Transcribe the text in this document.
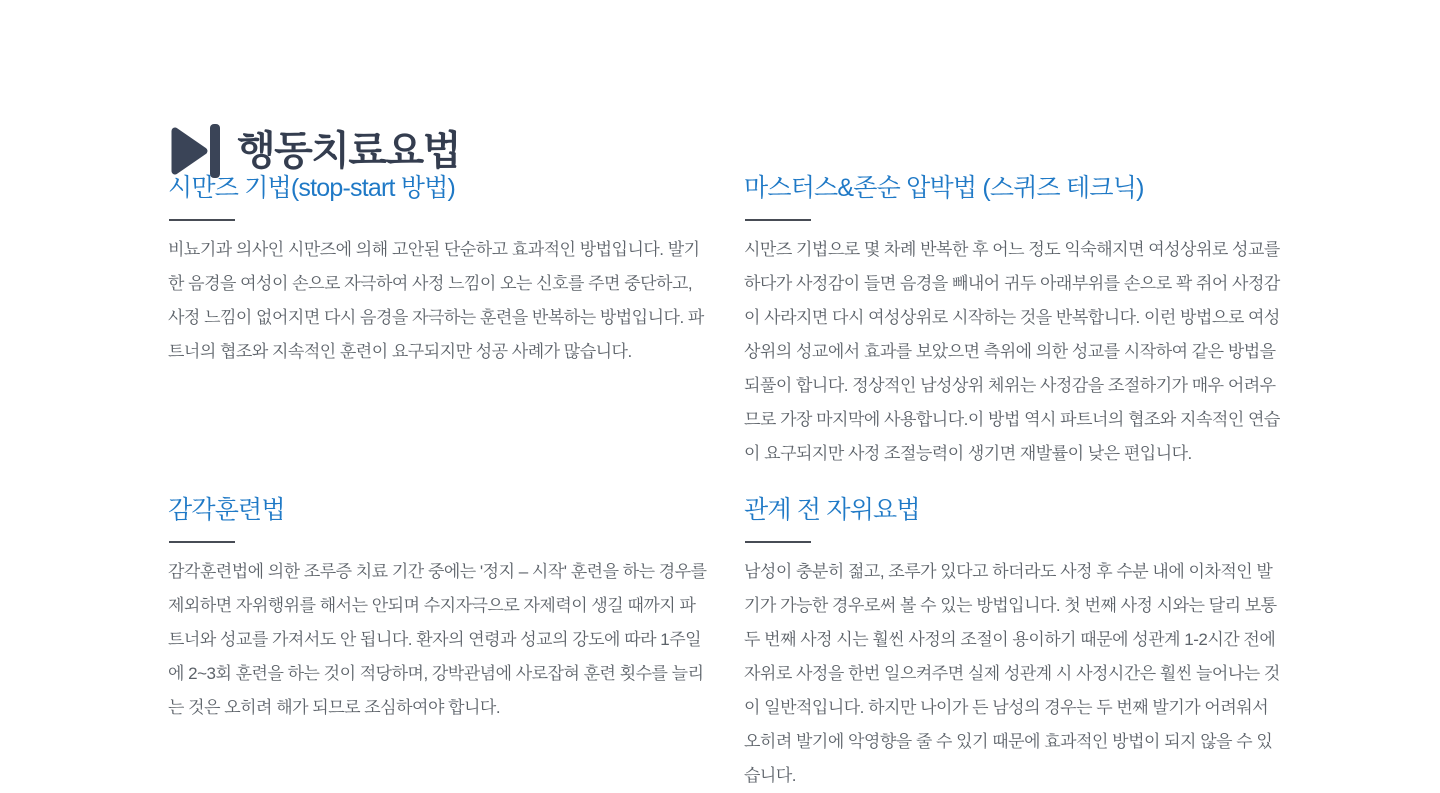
행동치료요법
시만즈 기법(stop-start 방법)

비뇨기과 의사인 시만즈에 의해 고안된 단순하고 효과적인 방법입니다. 발기한 음경을 여성이 손으로 자극하여 사정 느낌이 오는 신호를 주면 중단하고, 사정 느낌이 없어지면 다시 음경을 자극하는 훈련을 반복하는 방법입니다. 파트너의 협조와 지속적인 훈련이 요구되지만 성공 사례가 많습니다.

마스터스&존순 압박법 (스퀴즈 테크닉)

시만즈 기법으로 몇 차례 반복한 후 어느 정도 익숙해지면 여성상위로 성교를 하다가 사정감이 들면 음경을 빼내어 귀두 아래부위를 손으로 꽉 쥐어 사정감이 사라지면 다시 여성상위로 시작하는 것을 반복합니다. 이런 방법으로 여성상위의 성교에서 효과를 보았으면 측위에 의한 성교를 시작하여 같은 방법을 되풀이 합니다. 정상적인 남성상위 체위는 사정감을 조절하기가 매우 어려우므로 가장 마지막에 사용합니다.이 방법 역시 파트너의 협조와 지속적인 연습이 요구되지만 사정 조절능력이 생기면 재발률이 낮은 편입니다.

감각훈련법

감각훈련법에 의한 조루증 치료 기간 중에는 '정지 – 시작' 훈련을 하는 경우를 제외하면 자위행위를 해서는 안되며 수지자극으로 자제력이 생길 때까지 파트너와 성교를 가져서도 안 됩니다. 환자의 연령과 성교의 강도에 따라 1주일에 2~3회 훈련을 하는 것이 적당하며, 강박관념에 사로잡혀 훈련 횟수를 늘리는 것은 오히려 해가 되므로 조심하여야 합니다.

관계 전 자위요법

남성이 충분히 젊고, 조루가 있다고 하더라도 사정 후 수분 내에 이차적인 발기가 가능한 경우로써 볼 수 있는 방법입니다. 첫 번째 사정 시와는 달리 보통 두 번째 사정 시는 훨씬 사정의 조절이 용이하기 때문에 성관계 1-2시간 전에 자위로 사정을 한번 일으켜주면 실제 성관계 시 사정시간은 훨씬 늘어나는 것이 일반적입니다. 하지만 나이가 든 남성의 경우는 두 번째 발기가 어려워서 오히려 발기에 악영향을 줄 수 있기 때문에 효과적인 방법이 되지 않을 수 있습니다.
